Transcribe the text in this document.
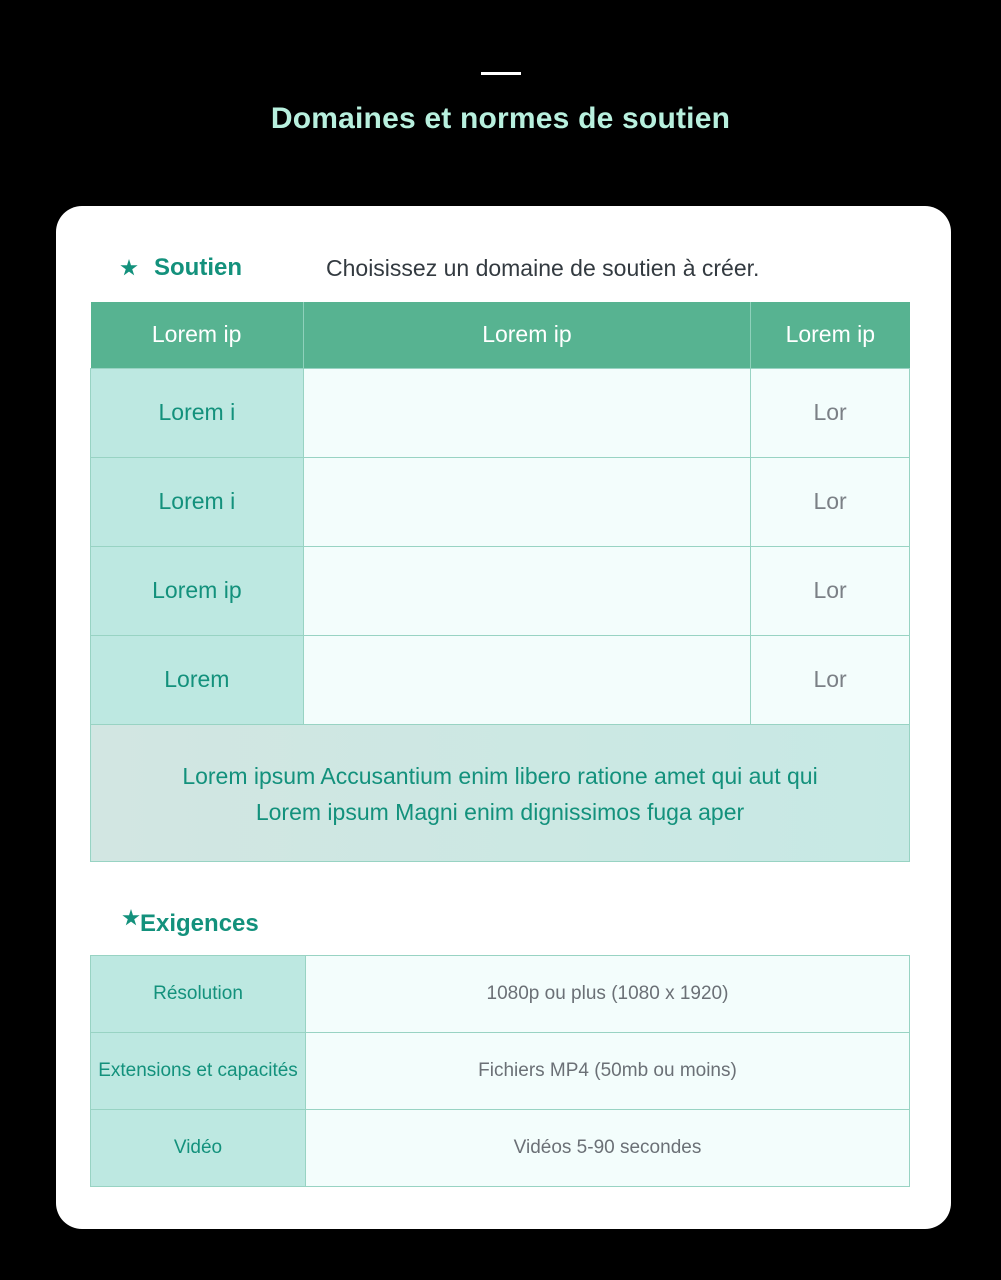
Domaines et normes de soutien
Soutien	Choisissez un domaine de soutien à créer.
Lorem ip	Lorem ip	Lorem ip
Lorem i		Lor
Lorem i		Lor
Lorem ip		Lor
Lorem		Lor

Lorem ipsum Accusantium enim libero ratione amet qui aut qui
Lorem ipsum Magni enim dignissimos fuga aper		
Exigences
Résolution	1080p ou plus (1080 x 1920)
Extensions et capacités	Fichiers MP4 (50mb ou moins)
Vidéo	Vidéos 5-90 secondes
